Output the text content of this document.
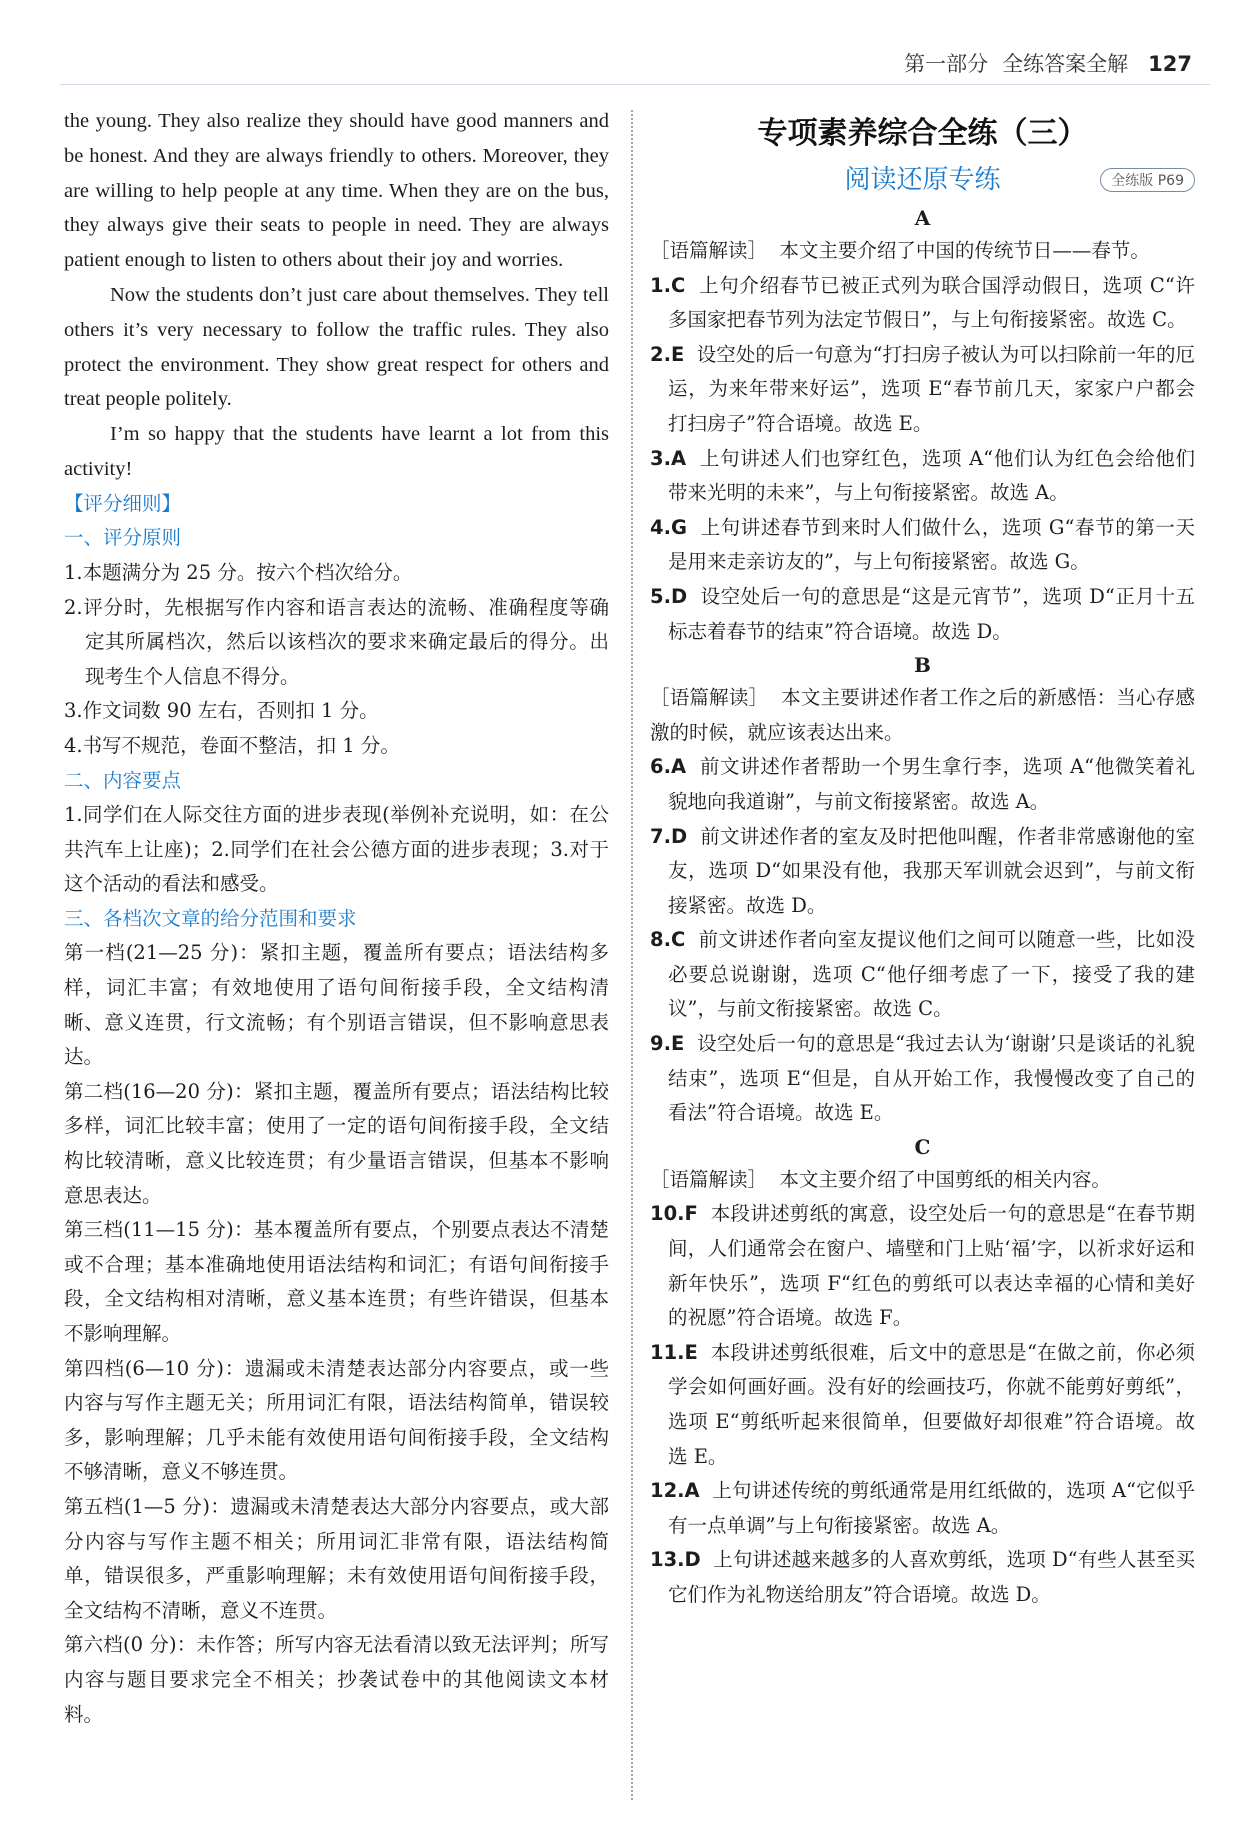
第一部分 全练答案全解 127

the young. They also realize they should have good manners and be honest. And they are always friendly to others. Moreover, they are willing to help people at any time. When they are on the bus, they always give their seats to people in need. They are always patient enough to listen to others about their joy and worries.

Now the students don’t just care about themselves. They tell others it’s very necessary to follow the traffic rules. They also protect the environment. They show great respect for others and treat people politely.

I’m so happy that the students have learnt a lot from this activity!

【评分细则】

一、评分原则

1.本题满分为 25 分。按六个档次给分。

2.评分时，先根据写作内容和语言表达的流畅、准确程度等确定其所属档次，然后以该档次的要求来确定最后的得分。出现考生个人信息不得分。

3.作文词数 90 左右，否则扣 1 分。

4.书写不规范，卷面不整洁，扣 1 分。

二、内容要点

1.同学们在人际交往方面的进步表现(举例补充说明，如：在公共汽车上让座)；2.同学们在社会公德方面的进步表现；3.对于这个活动的看法和感受。

三、各档次文章的给分范围和要求

第一档(21—25 分)：紧扣主题，覆盖所有要点；语法结构多样，词汇丰富；有效地使用了语句间衔接手段，全文结构清晰、意义连贯，行文流畅；有个别语言错误，但不影响意思表达。

第二档(16—20 分)：紧扣主题，覆盖所有要点；语法结构比较多样，词汇比较丰富；使用了一定的语句间衔接手段，全文结构比较清晰，意义比较连贯；有少量语言错误，但基本不影响意思表达。

第三档(11—15 分)：基本覆盖所有要点，个别要点表达不清楚或不合理；基本准确地使用语法结构和词汇；有语句间衔接手段，全文结构相对清晰，意义基本连贯；有些许错误，但基本不影响理解。

第四档(6—10 分)：遗漏或未清楚表达部分内容要点，或一些内容与写作主题无关；所用词汇有限，语法结构简单，错误较多，影响理解；几乎未能有效使用语句间衔接手段，全文结构不够清晰，意义不够连贯。

第五档(1—5 分)：遗漏或未清楚表达大部分内容要点，或大部分内容与写作主题不相关；所用词汇非常有限，语法结构简单，错误很多，严重影响理解；未有效使用语句间衔接手段，全文结构不清晰，意义不连贯。

第六档(0 分)：未作答；所写内容无法看清以致无法评判；所写内容与题目要求完全不相关；抄袭试卷中的其他阅读文本材料。

专项素养综合全练（三）
阅读还原专练	全练版 P69
A

［语篇解读］ 本文主要介绍了中国的传统节日——春节。

1.C 上句介绍春节已被正式列为联合国浮动假日，选项 C“许多国家把春节列为法定节假日”，与上句衔接紧密。故选 C。

2.E 设空处的后一句意为“打扫房子被认为可以扫除前一年的厄运，为来年带来好运”，选项 E“春节前几天，家家户户都会打扫房子”符合语境。故选 E。

3.A 上句讲述人们也穿红色，选项 A“他们认为红色会给他们带来光明的未来”，与上句衔接紧密。故选 A。

4.G 上句讲述春节到来时人们做什么，选项 G“春节的第一天是用来走亲访友的”，与上句衔接紧密。故选 G。

5.D 设空处后一句的意思是“这是元宵节”，选项 D“正月十五标志着春节的结束”符合语境。故选 D。

B

［语篇解读］ 本文主要讲述作者工作之后的新感悟：当心存感激的时候，就应该表达出来。

6.A 前文讲述作者帮助一个男生拿行李，选项 A“他微笑着礼貌地向我道谢”，与前文衔接紧密。故选 A。

7.D 前文讲述作者的室友及时把他叫醒，作者非常感谢他的室友，选项 D“如果没有他，我那天军训就会迟到”，与前文衔接紧密。故选 D。

8.C 前文讲述作者向室友提议他们之间可以随意一些，比如没必要总说谢谢，选项 C“他仔细考虑了一下，接受了我的建议”，与前文衔接紧密。故选 C。

9.E 设空处后一句的意思是“我过去认为‘谢谢’只是谈话的礼貌结束”，选项 E“但是，自从开始工作，我慢慢改变了自己的看法”符合语境。故选 E。

C

［语篇解读］ 本文主要介绍了中国剪纸的相关内容。

10.F 本段讲述剪纸的寓意，设空处后一句的意思是“在春节期间，人们通常会在窗户、墙壁和门上贴‘福’字，以祈求好运和新年快乐”，选项 F“红色的剪纸可以表达幸福的心情和美好的祝愿”符合语境。故选 F。

11.E 本段讲述剪纸很难，后文中的意思是“在做之前，你必须学会如何画好画。没有好的绘画技巧，你就不能剪好剪纸”，选项 E“剪纸听起来很简单，但要做好却很难”符合语境。故选 E。

12.A 上句讲述传统的剪纸通常是用红纸做的，选项 A“它似乎有一点单调”与上句衔接紧密。故选 A。

13.D 上句讲述越来越多的人喜欢剪纸，选项 D“有些人甚至买它们作为礼物送给朋友”符合语境。故选 D。
